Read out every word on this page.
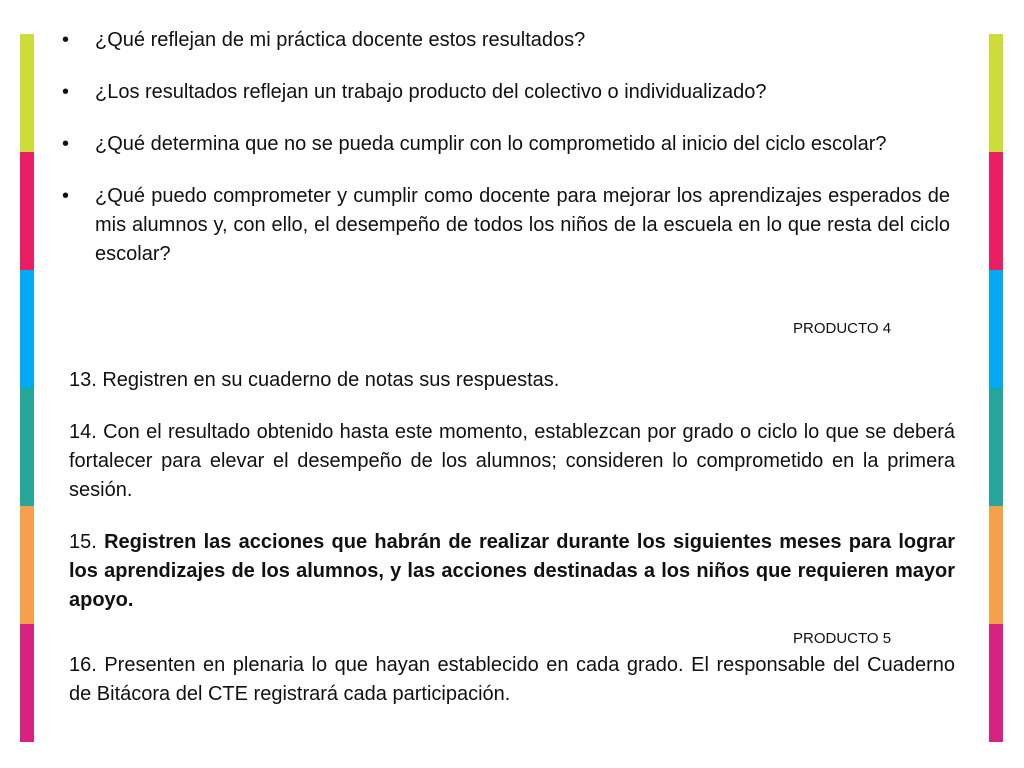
• ¿Qué reflejan de mi práctica docente estos resultados?
• ¿Los resultados reflejan un trabajo producto del colectivo o individualizado?
• ¿Qué determina que no se pueda cumplir con lo comprometido al inicio del ciclo escolar?
• ¿Qué puedo comprometer y cumplir como docente para mejorar los aprendizajes esperados de mis alumnos y, con ello, el desempeño de todos los niños de la escuela en lo que resta del ciclo escolar?
PRODUCTO 4

13. Registren en su cuaderno de notas sus respuestas.

14. Con el resultado obtenido hasta este momento, establezcan por grado o ciclo lo que se deberá fortalecer para elevar el desempeño de los alumnos; consideren lo comprometido en la primera sesión.

15. Registren las acciones que habrán de realizar durante los siguientes meses para lograr los aprendizajes de los alumnos, y las acciones destinadas a los niños que requieren mayor apoyo.

16. Presenten en plenaria lo que hayan establecido en cada grado. El responsable del Cuaderno de Bitácora del CTE registrará cada participación.

PRODUCTO 5
